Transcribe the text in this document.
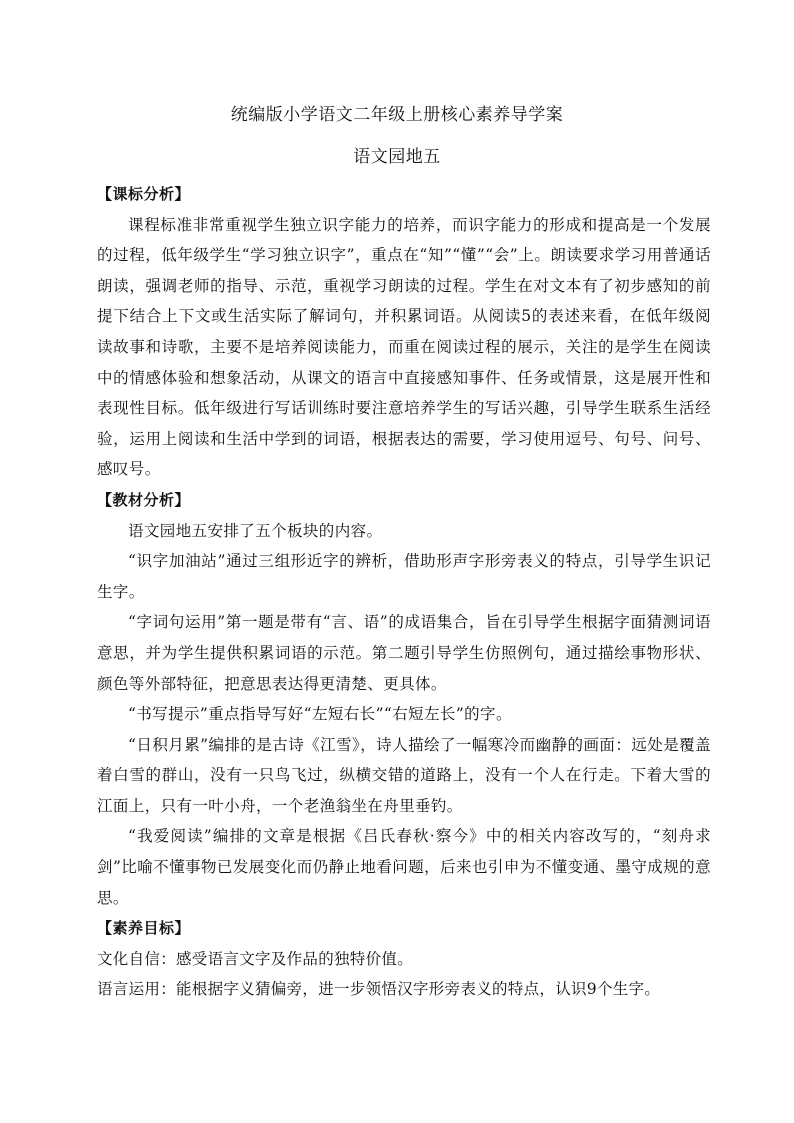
统编版小学语文二年级上册核心素养导学案
语文园地五

【课标分析】

课程标准非常重视学生独立识字能力的培养，而识字能力的形成和提高是一个发展的过程，低年级学生“学习独立识字”，重点在“知”“懂”“会”上。朗读要求学习用普通话朗读，强调老师的指导、示范，重视学习朗读的过程。学生在对文本有了初步感知的前提下结合上下文或生活实际了解词句，并积累词语。从阅读5的表述来看，在低年级阅读故事和诗歌，主要不是培养阅读能力，而重在阅读过程的展示，关注的是学生在阅读中的情感体验和想象活动，从课文的语言中直接感知事件、任务或情景，这是展开性和表现性目标。低年级进行写话训练时要注意培养学生的写话兴趣，引导学生联系生活经验，运用上阅读和生活中学到的词语，根据表达的需要，学习使用逗号、句号、问号、感叹号。

【教材分析】

语文园地五安排了五个板块的内容。

“识字加油站”通过三组形近字的辨析，借助形声字形旁表义的特点，引导学生识记生字。

“字词句运用”第一题是带有“言、语”的成语集合，旨在引导学生根据字面猜测词语意思，并为学生提供积累词语的示范。第二题引导学生仿照例句，通过描绘事物形状、颜色等外部特征，把意思表达得更清楚、更具体。

“书写提示”重点指导写好“左短右长”“右短左长”的字。

“日积月累”编排的是古诗《江雪》，诗人描绘了一幅寒冷而幽静的画面：远处是覆盖着白雪的群山，没有一只鸟飞过，纵横交错的道路上，没有一个人在行走。下着大雪的江面上，只有一叶小舟，一个老渔翁坐在舟里垂钓。

“我爱阅读”编排的文章是根据《吕氏春秋·察今》中的相关内容改写的，“刻舟求剑”比喻不懂事物已发展变化而仍静止地看问题，后来也引申为不懂变通、墨守成规的意思。

【素养目标】

文化自信：感受语言文字及作品的独特价值。

语言运用：能根据字义猜偏旁，进一步领悟汉字形旁表义的特点，认识9个生字。
